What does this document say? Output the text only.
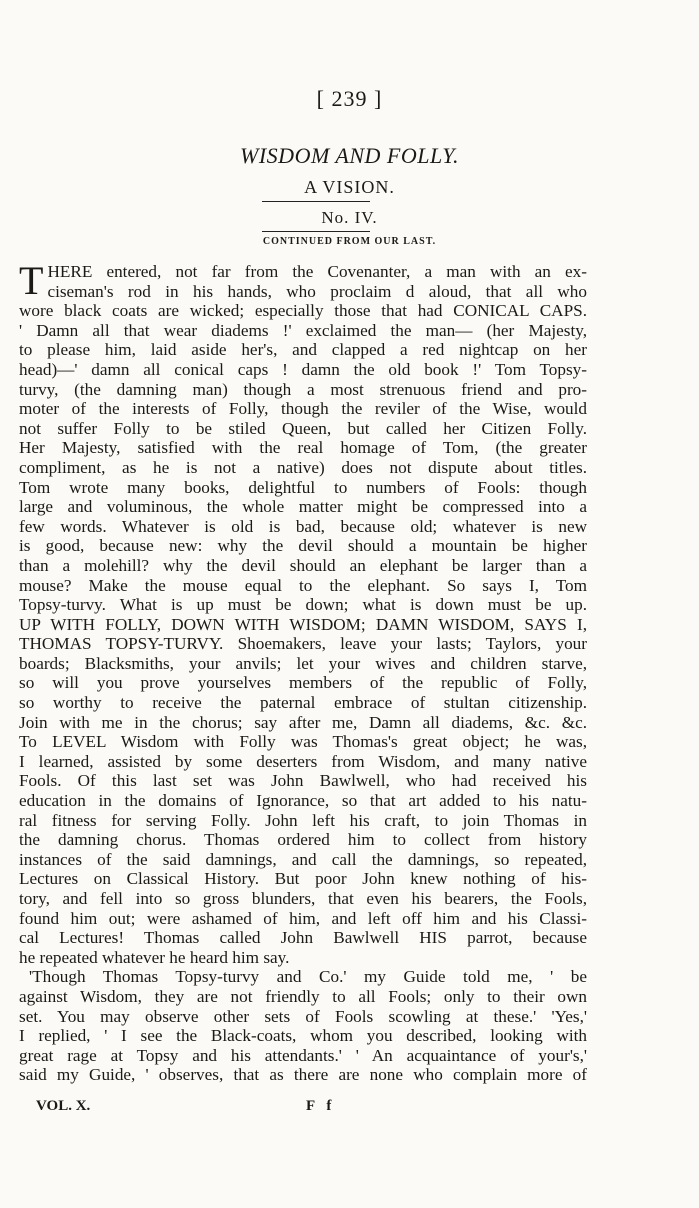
[ 239 ]
WISDOM AND FOLLY.
A VISION.
No. IV.
CONTINUED FROM OUR LAST.
T HERE entered, not far from the Covenanter, a man with an ex-
ciseman's rod in his hands, who proclaim d aloud, that all who
wore black coats are wicked; especially those that had CONICAL CAPS.
' Damn all that wear diadems !' exclaimed the man— (her Majesty,
to please him, laid aside her's, and clapped a red nightcap on her
head)—' damn all conical caps ! damn the old book !' Tom Topsy-
turvy, (the damning man) though a most strenuous friend and pro-
moter of the interests of Folly, though the reviler of the Wise, would
not suffer Folly to be stiled Queen, but called her Citizen Folly.
Her Majesty, satisfied with the real homage of Tom, (the greater
compliment, as he is not a native) does not dispute about titles.
Tom wrote many books, delightful to numbers of Fools: though
large and voluminous, the whole matter might be compressed into a
few words. Whatever is old is bad, because old; whatever is new
is good, because new: why the devil should a mountain be higher
than a molehill? why the devil should an elephant be larger than a
mouse? Make the mouse equal to the elephant. So says I, Tom
Topsy-turvy. What is up must be down; what is down must be up.
UP WITH FOLLY, DOWN WITH WISDOM; DAMN WISDOM, SAYS I,
THOMAS TOPSY-TURVY. Shoemakers, leave your lasts; Taylors, your
boards; Blacksmiths, your anvils; let your wives and children starve,
so will you prove yourselves members of the republic of Folly,
so worthy to receive the paternal embrace of stultan citizenship.
Join with me in the chorus; say after me, Damn all diadems, &c. &c.
To LEVEL Wisdom with Folly was Thomas's great object; he was,
I learned, assisted by some deserters from Wisdom, and many native
Fools. Of this last set was John Bawlwell, who had received his
education in the domains of Ignorance, so that art added to his natu-
ral fitness for serving Folly. John left his craft, to join Thomas in
the damning chorus. Thomas ordered him to collect from history
instances of the said damnings, and call the damnings, so repeated,
Lectures on Classical History. But poor John knew nothing of his-
tory, and fell into so gross blunders, that even his bearers, the Fools,
found him out; were ashamed of him, and left off him and his Classi-
cal Lectures! Thomas called John Bawlwell HIS parrot, because
he repeated whatever he heard him say.
'Though Thomas Topsy-turvy and Co.' my Guide told me, ' be
against Wisdom, they are not friendly to all Fools; only to their own
set. You may observe other sets of Fools scowling at these.' 'Yes,'
I replied, ' I see the Black-coats, whom you described, looking with
great rage at Topsy and his attendants.' ' An acquaintance of your's,'
said my Guide, ' observes, that as there are none who complain more of
VOL. X.	F f
